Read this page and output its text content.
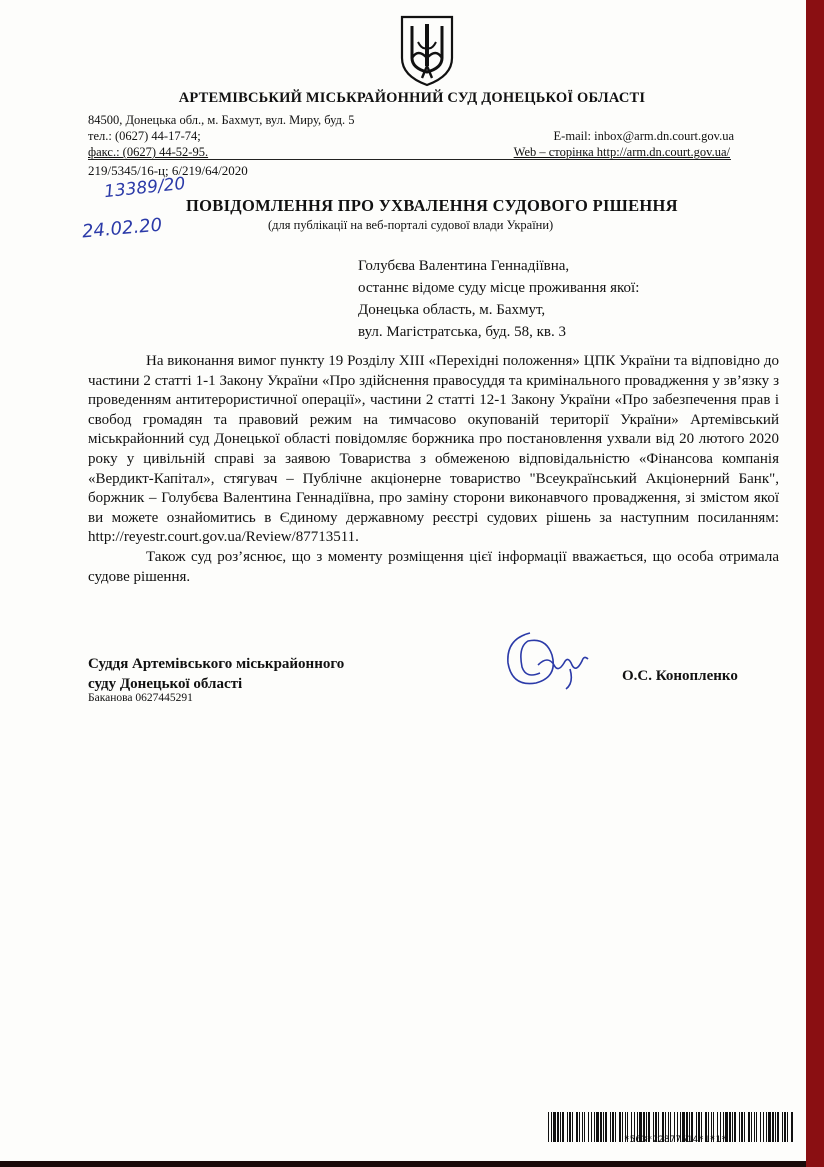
АРТЕМІВСЬКИЙ МІСЬКРАЙОННИЙ СУД ДОНЕЦЬКОЇ ОБЛАСТІ
84500, Донецька обл., м. Бахмут, вул. Миру, буд. 5
тел.: (0627) 44-17-74;
факс.: (0627) 44-52-95.
E-mail: inbox@arm.dn.court.gov.ua
Web – сторінка http://arm.dn.court.gov.ua/
219/5345/16-ц; 6/219/64/2020
13389/20
24.02.20
ПОВІДОМЛЕННЯ ПРО УХВАЛЕННЯ СУДОВОГО РІШЕННЯ
(для публікації на веб-порталі судової влади України)
Голубєва Валентина Геннадіївна,
останнє відоме суду місце проживання якої:
Донецька область, м. Бахмут,
вул. Магістратська, буд. 58, кв. 3

На виконання вимог пункту 19 Розділу ХІІІ «Перехідні положення» ЦПК України та відповідно до частини 2 статті 1-1 Закону України «Про здійснення правосуддя та кримінального провадження у зв’язку з проведенням антитерористичної операції», частини 2 статті 12-1 Закону України «Про забезпечення прав і свобод громадян та правовий режим на тимчасово окупованій території України» Артемівський міськрайонний суд Донецької області повідомляє боржника про постановлення ухвали від 20 лютого 2020 року у цивільній справі за заявою Товариства з обмеженою відповідальністю «Фінансова компанія «Вердикт-Капітал», стягувач – Публічне акціонерне товариство "Всеукраїнський Акціонерний Банк", боржник – Голубєва Валентина Геннадіївна, про заміну сторони виконавчого провадження, зі змістом якої ви можете ознайомитись в Єдиному державному реєстрі судових рішень за наступним посиланням: http://reyestr.court.gov.ua/Review/87713511.

Також суд роз’яснює, що з моменту розміщення цієї інформації вважається, що особа отримала судове рішення.

Суддя Артемівського міськрайонного
суду Донецької області
Баканова 0627445291
О.С. Конопленко
*563*22877514*1*1*
